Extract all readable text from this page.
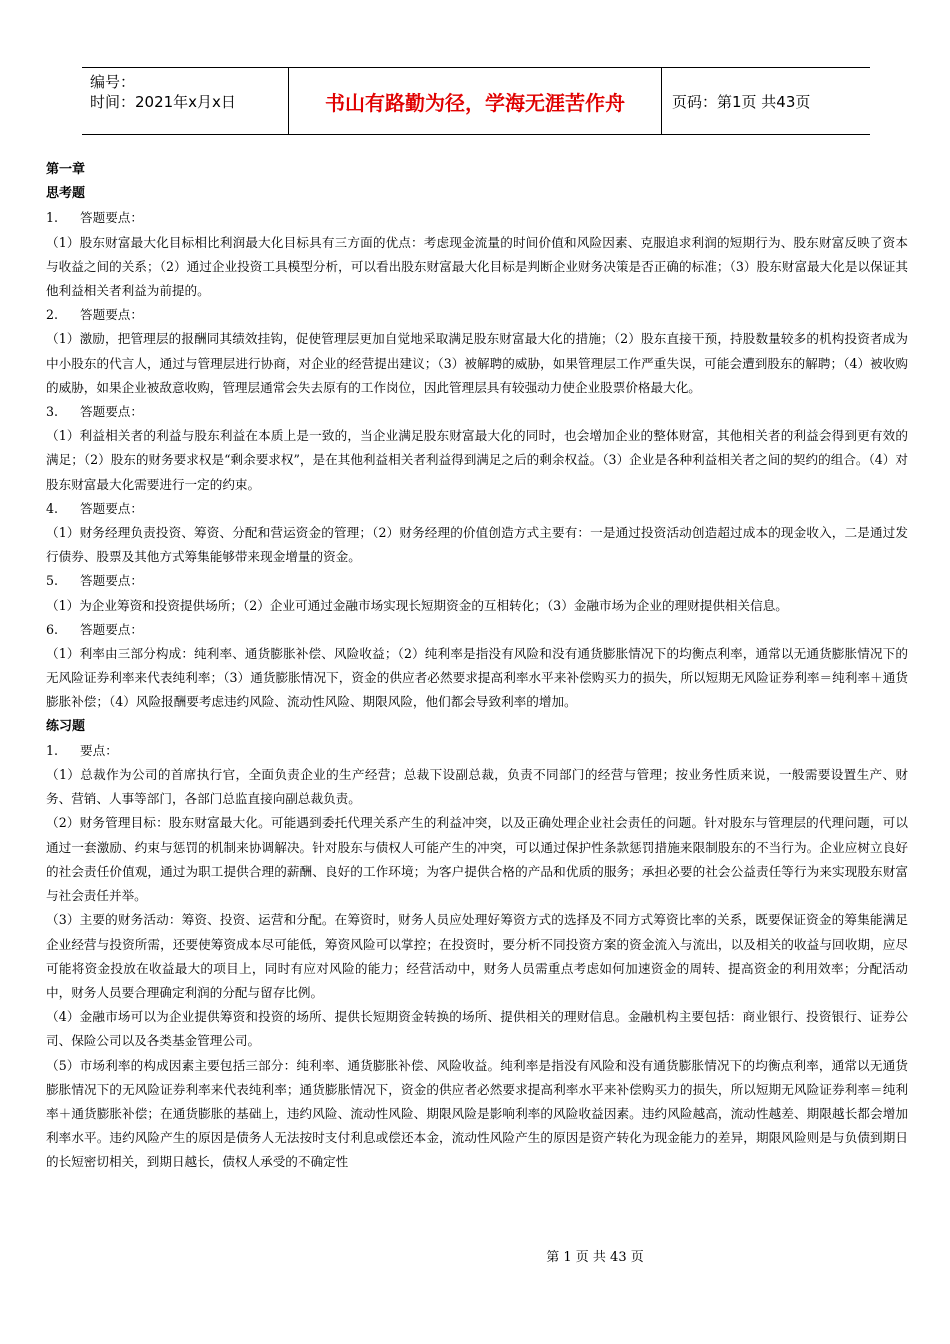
编号：
时间：2021年x月x日	书山有路勤为径，学海无涯苦作舟	页码：第1页 共43页

第一章

思考题

1. 答题要点：

（1）股东财富最大化目标相比利润最大化目标具有三方面的优点：考虑现金流量的时间价值和风险因素、克服追求利润的短期行为、股东财富反映了资本与收益之间的关系；（2）通过企业投资工具模型分析，可以看出股东财富最大化目标是判断企业财务决策是否正确的标准；（3）股东财富最大化是以保证其他利益相关者利益为前提的。

2. 答题要点：

（1）激励，把管理层的报酬同其绩效挂钩，促使管理层更加自觉地采取满足股东财富最大化的措施；（2）股东直接干预，持股数量较多的机构投资者成为中小股东的代言人，通过与管理层进行协商，对企业的经营提出建议；（3）被解聘的威胁，如果管理层工作严重失误，可能会遭到股东的解聘；（4）被收购的威胁，如果企业被敌意收购，管理层通常会失去原有的工作岗位，因此管理层具有较强动力使企业股票价格最大化。

3. 答题要点：

（1）利益相关者的利益与股东利益在本质上是一致的，当企业满足股东财富最大化的同时，也会增加企业的整体财富，其他相关者的利益会得到更有效的满足；（2）股东的财务要求权是“剩余要求权”，是在其他利益相关者利益得到满足之后的剩余权益。（3）企业是各种利益相关者之间的契约的组合。（4）对股东财富最大化需要进行一定的约束。

4. 答题要点：

（1）财务经理负责投资、筹资、分配和营运资金的管理；（2）财务经理的价值创造方式主要有：一是通过投资活动创造超过成本的现金收入，二是通过发行债券、股票及其他方式筹集能够带来现金增量的资金。

5. 答题要点：

（1）为企业筹资和投资提供场所；（2）企业可通过金融市场实现长短期资金的互相转化；（3）金融市场为企业的理财提供相关信息。

6. 答题要点：

（1）利率由三部分构成：纯利率、通货膨胀补偿、风险收益；（2）纯利率是指没有风险和没有通货膨胀情况下的均衡点利率，通常以无通货膨胀情况下的无风险证券利率来代表纯利率；（3）通货膨胀情况下，资金的供应者必然要求提高利率水平来补偿购买力的损失，所以短期无风险证券利率＝纯利率＋通货膨胀补偿；（4）风险报酬要考虑违约风险、流动性风险、期限风险，他们都会导致利率的增加。

练习题

1. 要点：

（1）总裁作为公司的首席执行官，全面负责企业的生产经营；总裁下设副总裁，负责不同部门的经营与管理；按业务性质来说，一般需要设置生产、财务、营销、人事等部门，各部门总监直接向副总裁负责。

（2）财务管理目标：股东财富最大化。可能遇到委托代理关系产生的利益冲突，以及正确处理企业社会责任的问题。针对股东与管理层的代理问题，可以通过一套激励、约束与惩罚的机制来协调解决。针对股东与债权人可能产生的冲突，可以通过保护性条款惩罚措施来限制股东的不当行为。企业应树立良好的社会责任价值观，通过为职工提供合理的薪酬、良好的工作环境；为客户提供合格的产品和优质的服务；承担必要的社会公益责任等行为来实现股东财富与社会责任并举。

（3）主要的财务活动：筹资、投资、运营和分配。在筹资时，财务人员应处理好筹资方式的选择及不同方式筹资比率的关系，既要保证资金的筹集能满足企业经营与投资所需，还要使筹资成本尽可能低，筹资风险可以掌控；在投资时，要分析不同投资方案的资金流入与流出，以及相关的收益与回收期，应尽可能将资金投放在收益最大的项目上，同时有应对风险的能力；经营活动中，财务人员需重点考虑如何加速资金的周转、提高资金的利用效率；分配活动中，财务人员要合理确定利润的分配与留存比例。

（4）金融市场可以为企业提供筹资和投资的场所、提供长短期资金转换的场所、提供相关的理财信息。金融机构主要包括：商业银行、投资银行、证券公司、保险公司以及各类基金管理公司。

（5）市场利率的构成因素主要包括三部分：纯利率、通货膨胀补偿、风险收益。纯利率是指没有风险和没有通货膨胀情况下的均衡点利率，通常以无通货膨胀情况下的无风险证券利率来代表纯利率；通货膨胀情况下，资金的供应者必然要求提高利率水平来补偿购买力的损失，所以短期无风险证券利率＝纯利率＋通货膨胀补偿；在通货膨胀的基础上，违约风险、流动性风险、期限风险是影响利率的风险收益因素。违约风险越高，流动性越差、期限越长都会增加利率水平。违约风险产生的原因是债务人无法按时支付利息或偿还本金，流动性风险产生的原因是资产转化为现金能力的差异，期限风险则是与负债到期日的长短密切相关，到期日越长，债权人承受的不确定性

第 1 页 共 43 页
